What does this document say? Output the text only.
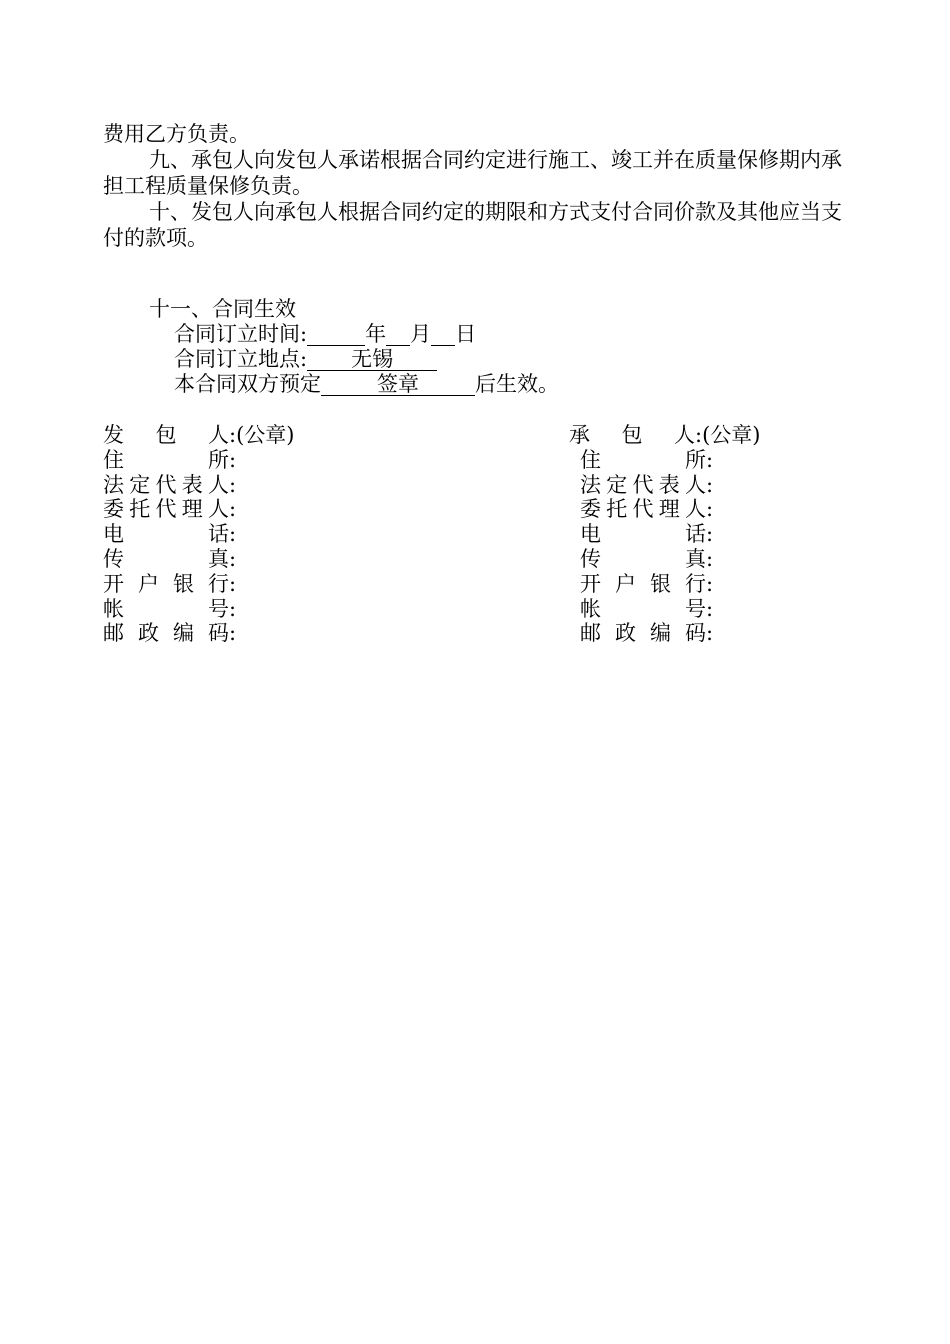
费用乙方负责。

九、承包人向发包人承诺根据合同约定进行施工、竣工并在质量保修期内承担工程质量保修负责。

十、发包人向承包人根据合同约定的期限和方式支付合同价款及其他应当支付的款项。

十一、合同生效
合同订立时间:	年 月 日
合同订立地点: 无锡
本合同双方预定	签章	后生效。
发 包 人 :(公章)
住 所 :
法定代表人 :
委托代理人 :
电 话 :
传 真 :
开 户 银 行 :
帐 号 :
邮 政 编 码 :
承 包 人 :(公章)
住 所 :
法定代表人 :
委托代理人 :
电 话 :
传 真 :
开 户 银 行 :
帐 号 :
邮 政 编 码 :
